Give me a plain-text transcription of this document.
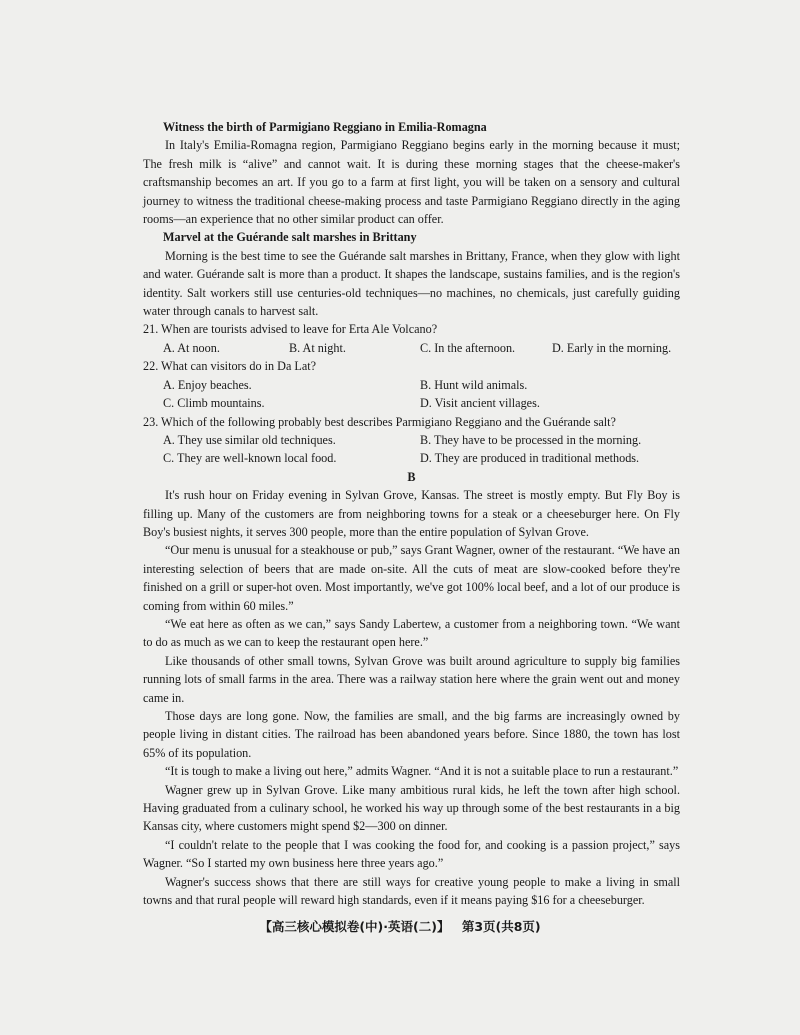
Witness the birth of Parmigiano Reggiano in Emilia-Romagna

In Italy's Emilia-Romagna region, Parmigiano Reggiano begins early in the morning because it must; The fresh milk is “alive” and cannot wait. It is during these morning stages that the cheese-maker's craftsmanship becomes an art. If you go to a farm at first light, you will be taken on a sensory and cultural journey to witness the traditional cheese-making process and taste Parmigiano Reggiano directly in the aging rooms—an experience that no other similar product can offer.

Marvel at the Guérande salt marshes in Brittany

Morning is the best time to see the Guérande salt marshes in Brittany, France, when they glow with light and water. Guérande salt is more than a product. It shapes the landscape, sustains families, and is the region's identity. Salt workers still use centuries-old techniques—no machines, no chemicals, just carefully guiding water through canals to harvest salt.

21. When are tourists advised to leave for Erta Ale Volcano?

A. At noon.	B. At night.	C. In the afternoon.	D. Early in the morning.

22. What can visitors do in Da Lat?

A. Enjoy beaches.	B. Hunt wild animals.
C. Climb mountains.	D. Visit ancient villages.

23. Which of the following probably best describes Parmigiano Reggiano and the Guérande salt?

A. They use similar old techniques.	B. They have to be processed in the morning.
C. They are well-known local food.	D. They are produced in traditional methods.

B

It's rush hour on Friday evening in Sylvan Grove, Kansas. The street is mostly empty. But Fly Boy is filling up. Many of the customers are from neighboring towns for a steak or a cheeseburger here. On Fly Boy's busiest nights, it serves 300 people, more than the entire population of Sylvan Grove.

“Our menu is unusual for a steakhouse or pub,” says Grant Wagner, owner of the restaurant. “We have an interesting selection of beers that are made on-site. All the cuts of meat are slow-cooked before they're finished on a grill or super-hot oven. Most importantly, we've got 100% local beef, and a lot of our produce is coming from within 60 miles.”

“We eat here as often as we can,” says Sandy Labertew, a customer from a neighboring town. “We want to do as much as we can to keep the restaurant open here.”

Like thousands of other small towns, Sylvan Grove was built around agriculture to supply big families running lots of small farms in the area. There was a railway station here where the grain went out and money came in.

Those days are long gone. Now, the families are small, and the big farms are increasingly owned by people living in distant cities. The railroad has been abandoned years before. Since 1880, the town has lost 65% of its population.

“It is tough to make a living out here,” admits Wagner. “And it is not a suitable place to run a restaurant.”

Wagner grew up in Sylvan Grove. Like many ambitious rural kids, he left the town after high school. Having graduated from a culinary school, he worked his way up through some of the best restaurants in a big Kansas city, where customers might spend $2—300 on dinner.

“I couldn't relate to the people that I was cooking the food for, and cooking is a passion project,” says Wagner. “So I started my own business here three years ago.”

Wagner's success shows that there are still ways for creative young people to make a living in small towns and that rural people will reward high standards, even if it means paying $16 for a cheeseburger.

【高三核心模拟卷(中)·英语(二)】 第3页(共8页)
